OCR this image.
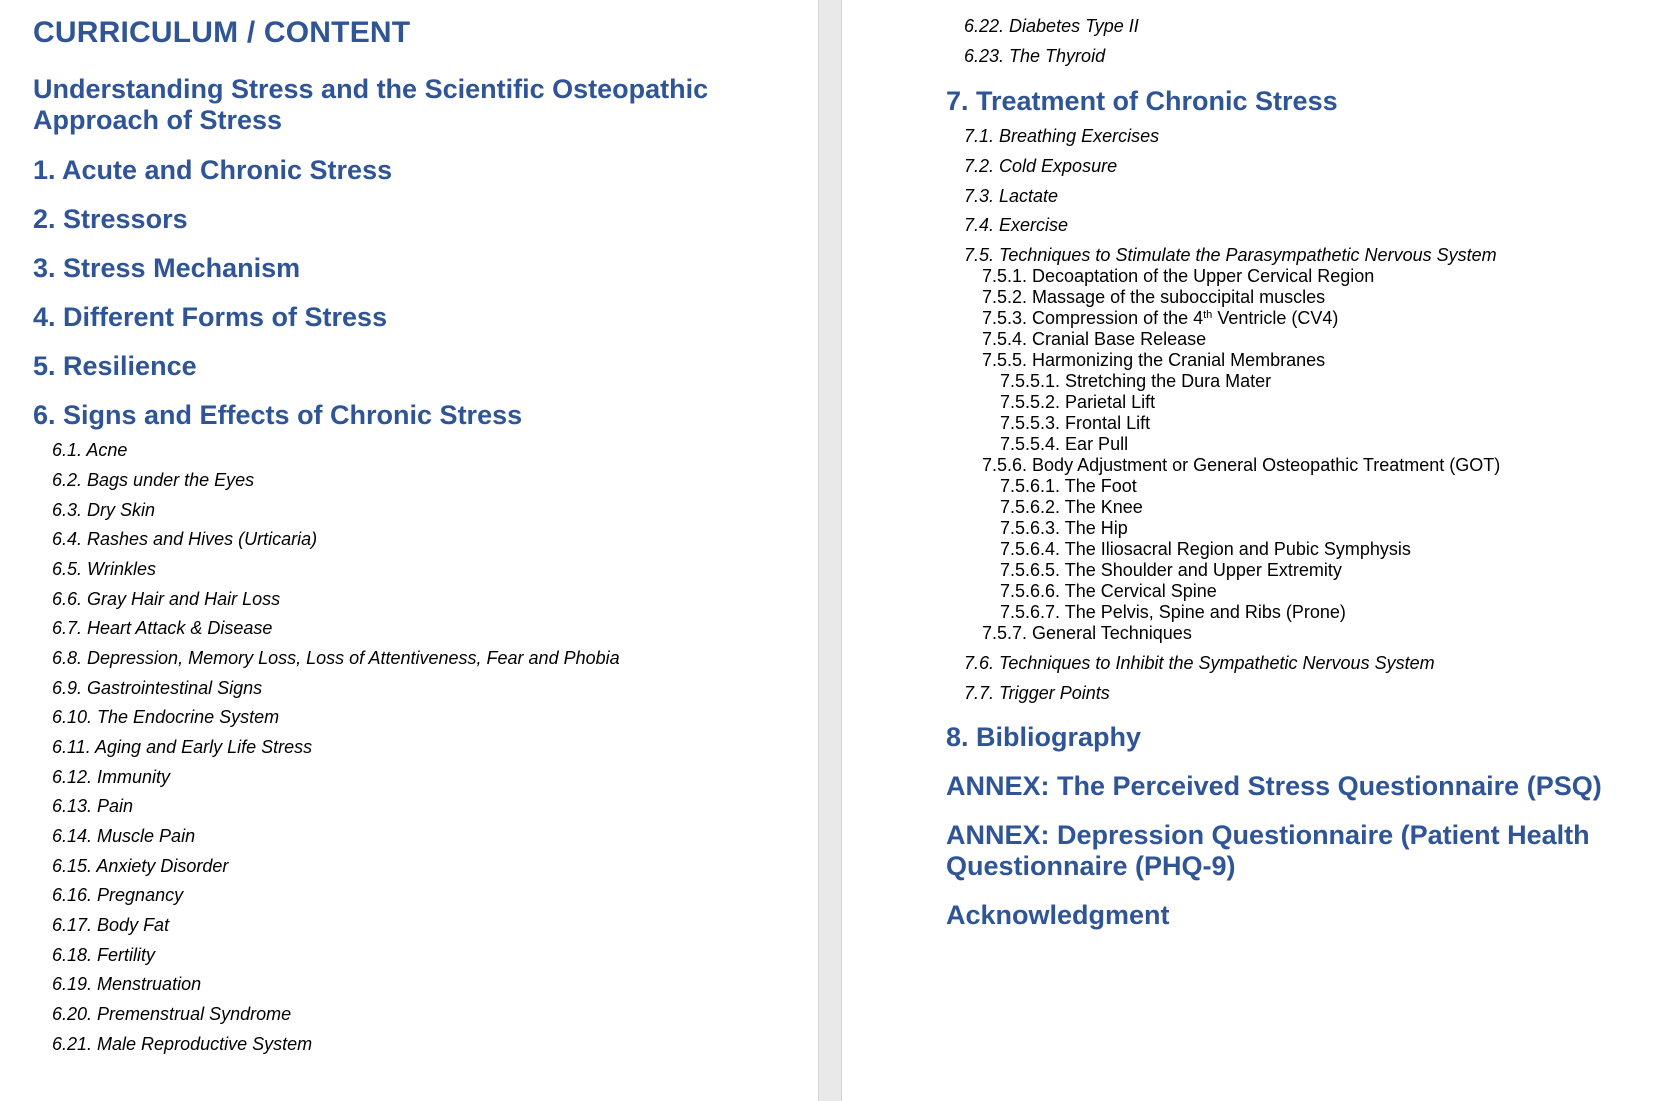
CURRICULUM / CONTENT
Understanding Stress and the Scientific Osteopathic Approach of Stress
1. Acute and Chronic Stress
2. Stressors
3. Stress Mechanism
4. Different Forms of Stress
5. Resilience
6. Signs and Effects of Chronic Stress
6.1. Acne
6.2. Bags under the Eyes
6.3. Dry Skin
6.4. Rashes and Hives (Urticaria)
6.5. Wrinkles
6.6. Gray Hair and Hair Loss
6.7. Heart Attack & Disease
6.8. Depression, Memory Loss, Loss of Attentiveness, Fear and Phobia
6.9. Gastrointestinal Signs
6.10. The Endocrine System
6.11. Aging and Early Life Stress
6.12. Immunity
6.13. Pain
6.14. Muscle Pain
6.15. Anxiety Disorder
6.16. Pregnancy
6.17. Body Fat
6.18. Fertility
6.19. Menstruation
6.20. Premenstrual Syndrome
6.21. Male Reproductive System
6.22. Diabetes Type II
6.23. The Thyroid
7. Treatment of Chronic Stress
7.1. Breathing Exercises
7.2. Cold Exposure
7.3. Lactate
7.4. Exercise
7.5. Techniques to Stimulate the Parasympathetic Nervous System
7.5.1. Decoaptation of the Upper Cervical Region
7.5.2. Massage of the suboccipital muscles
7.5.3. Compression of the 4th Ventricle (CV4)
7.5.4. Cranial Base Release
7.5.5. Harmonizing the Cranial Membranes
7.5.5.1. Stretching the Dura Mater
7.5.5.2. Parietal Lift
7.5.5.3. Frontal Lift
7.5.5.4. Ear Pull
7.5.6. Body Adjustment or General Osteopathic Treatment (GOT)
7.5.6.1. The Foot
7.5.6.2. The Knee
7.5.6.3. The Hip
7.5.6.4. The Iliosacral Region and Pubic Symphysis
7.5.6.5. The Shoulder and Upper Extremity
7.5.6.6. The Cervical Spine
7.5.6.7. The Pelvis, Spine and Ribs (Prone)
7.5.7. General Techniques
7.6. Techniques to Inhibit the Sympathetic Nervous System
7.7. Trigger Points
8. Bibliography
ANNEX: The Perceived Stress Questionnaire (PSQ)
ANNEX: Depression Questionnaire (Patient Health Questionnaire (PHQ-9)
Acknowledgment
